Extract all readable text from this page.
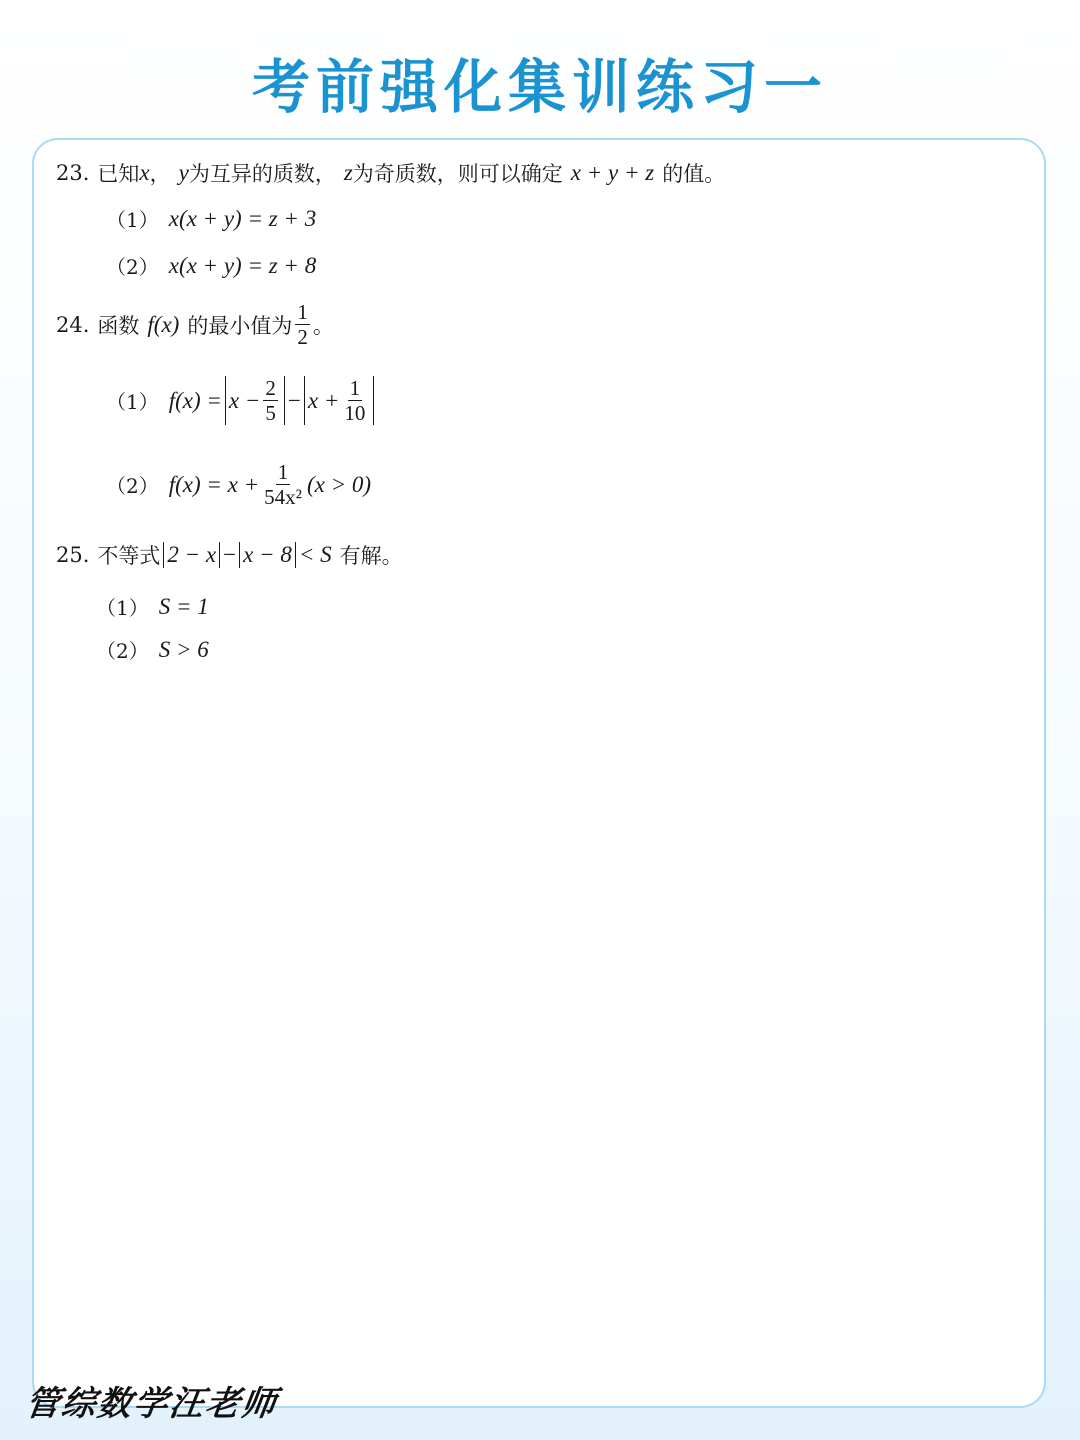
考前强化集训练习一
23. 已知 x ， y 为互异的质数， z 为奇质数，则可以确定 x + y + z 的值。
（1） x(x + y) = z + 3
（2） x(x + y) = z + 8
24. 函数 f(x) 的最小值为 $\frac{1}{2}$ 。
（1） $f(x) = x - \frac{2}{5} - x + \frac{1}{10}$
（2） $f(x) = x + \frac{1}{\text{54x²}} (x > 0)$
25. 不等式 2 − x − x − 8 < S 有解。
（1） S = 1
（2） S > 6
管综数学汪老师
